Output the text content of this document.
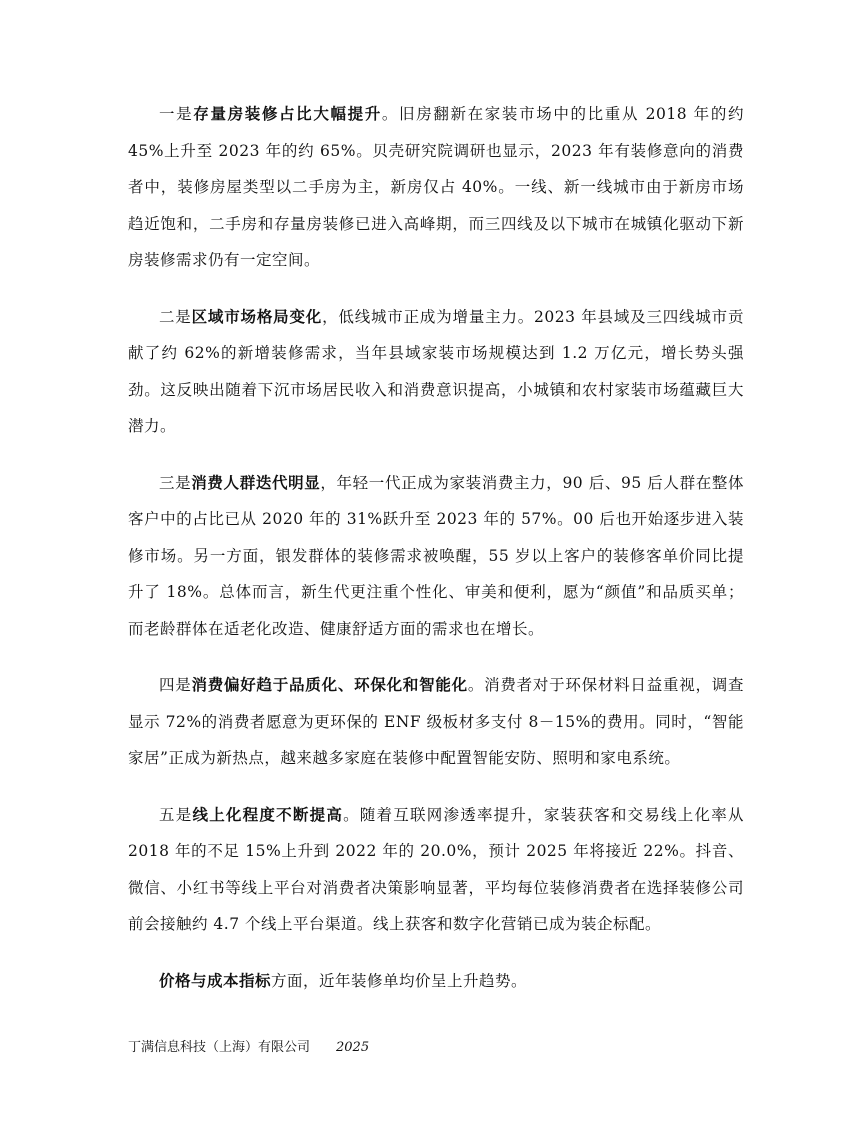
一是存量房装修占比大幅提升。旧房翻新在家装市场中的比重从 2018 年的约 45%上升至 2023 年的约 65%。贝壳研究院调研也显示，2023 年有装修意向的消费者中，装修房屋类型以二手房为主，新房仅占 40%。一线、新一线城市由于新房市场趋近饱和，二手房和存量房装修已进入高峰期，而三四线及以下城市在城镇化驱动下新房装修需求仍有一定空间。

二是区域市场格局变化，低线城市正成为增量主力。2023 年县域及三四线城市贡献了约 62%的新增装修需求，当年县域家装市场规模达到 1.2 万亿元，增长势头强劲。这反映出随着下沉市场居民收入和消费意识提高，小城镇和农村家装市场蕴藏巨大潜力。

三是消费人群迭代明显，年轻一代正成为家装消费主力，90 后、95 后人群在整体客户中的占比已从 2020 年的 31%跃升至 2023 年的 57%。00 后也开始逐步进入装修市场。另一方面，银发群体的装修需求被唤醒，55 岁以上客户的装修客单价同比提升了 18%。总体而言，新生代更注重个性化、审美和便利，愿为“颜值”和品质买单；而老龄群体在适老化改造、健康舒适方面的需求也在增长。

四是消费偏好趋于品质化、环保化和智能化。消费者对于环保材料日益重视，调查显示 72%的消费者愿意为更环保的 ENF 级板材多支付 8－15%的费用。同时，“智能家居”正成为新热点，越来越多家庭在装修中配置智能安防、照明和家电系统。

五是线上化程度不断提高。随着互联网渗透率提升，家装获客和交易线上化率从 2018 年的不足 15%上升到 2022 年的 20.0%，预计 2025 年将接近 22%。抖音、微信、小红书等线上平台对消费者决策影响显著，平均每位装修消费者在选择装修公司前会接触约 4.7 个线上平台渠道。线上获客和数字化营销已成为装企标配。

价格与成本指标方面，近年装修单均价呈上升趋势。

丁满信息科技（上海）有限公司 2025
